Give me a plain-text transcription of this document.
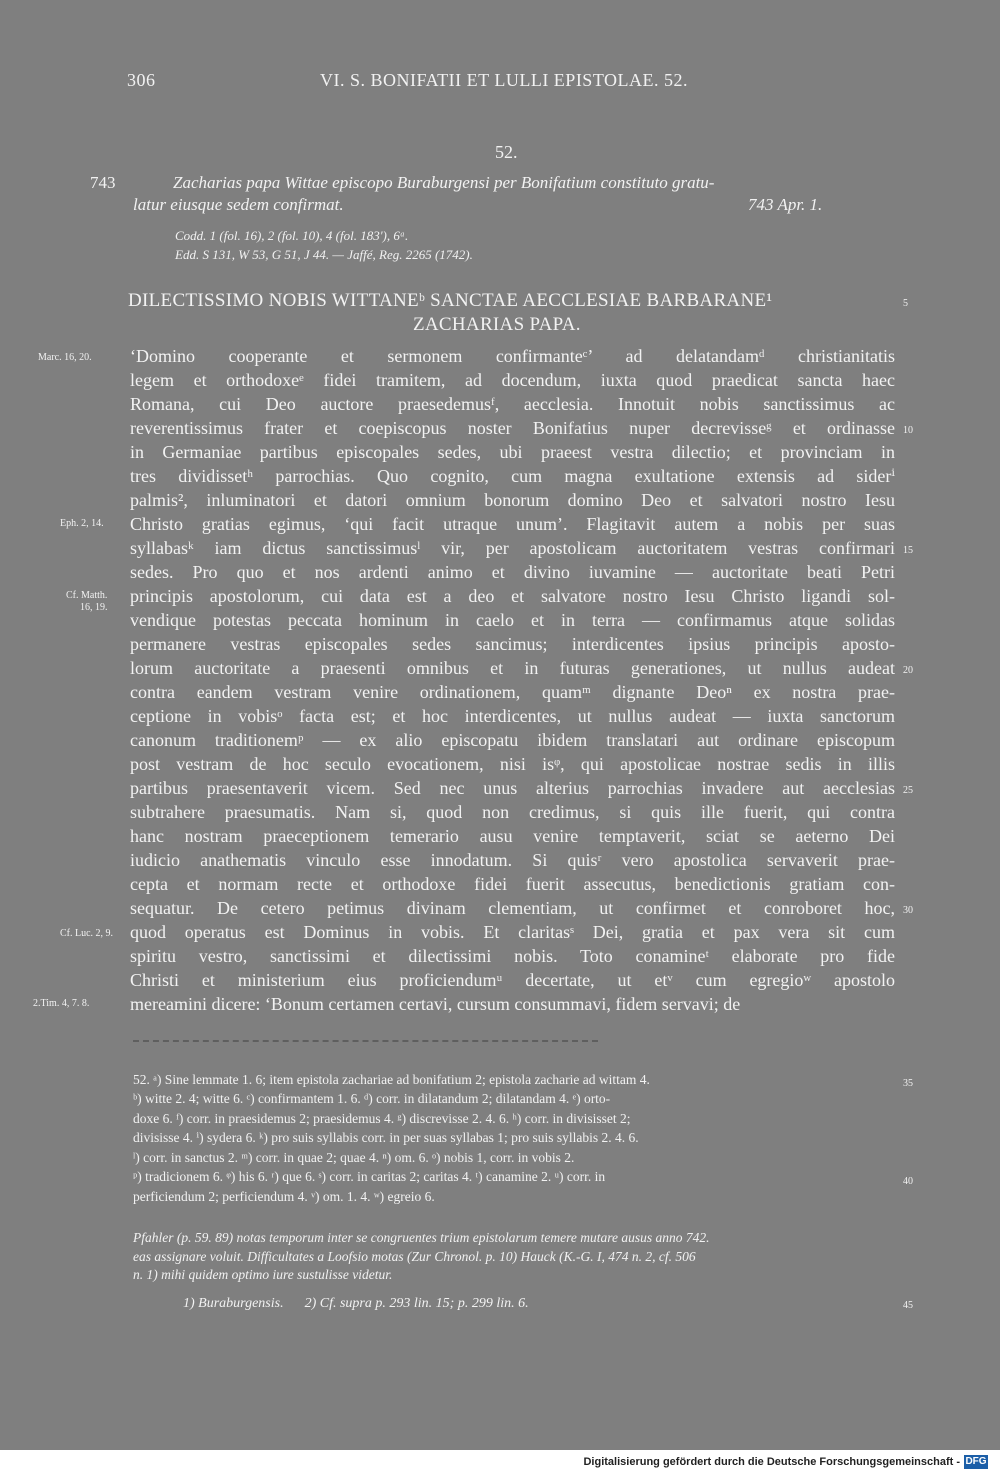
306	VI. S. BONIFATII ET LULLI EPISTOLAE. 52.
52.
743	Zacharias papa Wittae episcopo Buraburgensi per Bonifatium constituto gratu-
latur eiusque sedem confirmat.	743 Apr. 1.
Codd. 1 (fol. 16), 2 (fol. 10), 4 (fol. 183'), 6ᵃ.
Edd. S 131, W 53, G 51, J 44. — Jaffé, Reg. 2265 (1742).
DILECTISSIMO NOBIS WITTANEᵇ SANCTAE AECCLESIAE BARBARANE¹
ZACHARIAS PAPA.
‘Domino cooperante et sermonem confirmanteᶜ’ ad delatandamᵈ christianitatis
legem et orthodoxeᵉ fidei tramitem, ad docendum, iuxta quod praedicat sancta haec
Romana, cui Deo auctore praesedemusᶠ, aecclesia. Innotuit nobis sanctissimus ac
reverentissimus frater et coepiscopus noster Bonifatius nuper decrevisseᵍ et ordinasse
in Germaniae partibus episcopales sedes, ubi praeest vestra dilectio; et provinciam in
tres dividissetʰ parrochias. Quo cognito, cum magna exultatione extensis ad siderⁱ
palmis², inluminatori et datori omnium bonorum domino Deo et salvatori nostro Iesu
Christo gratias egimus, ‘qui facit utraque unum’. Flagitavit autem a nobis per suas
syllabasᵏ iam dictus sanctissimusˡ vir, per apostolicam auctoritatem vestras confirmari
sedes. Pro quo et nos ardenti animo et divino iuvamine — auctoritate beati Petri
principis apostolorum, cui data est a deo et salvatore nostro Iesu Christo ligandi sol-
vendique potestas peccata hominum in caelo et in terra — confirmamus atque solidas
permanere vestras episcopales sedes sancimus; interdicentes ipsius principis aposto-
lorum auctoritate a praesenti omnibus et in futuras generationes, ut nullus audeat
contra eandem vestram venire ordinationem, quamᵐ dignante Deoⁿ ex nostra prae-
ceptione in vobisᵒ facta est; et hoc interdicentes, ut nullus audeat — iuxta sanctorum
canonum traditionemᵖ — ex alio episcopatu ibidem translatari aut ordinare episcopum
post vestram de hoc seculo evocationem, nisi isᵠ, qui apostolicae nostrae sedis in illis
partibus praesentaverit vicem. Sed nec unus alterius parrochias invadere aut aecclesias
subtrahere praesumatis. Nam si, quod non credimus, si quis ille fuerit, qui contra
hanc nostram praeceptionem temerario ausu venire temptaverit, sciat se aeterno Dei
iudicio anathematis vinculo esse innodatum. Si quisʳ vero apostolica servaverit prae-
cepta et normam recte et orthodoxe fidei fuerit assecutus, benedictionis gratiam con-
sequatur. De cetero petimus divinam clementiam, ut confirmet et conroboret hoc,
quod operatus est Dominus in vobis. Et claritasˢ Dei, gratia et pax vera sit cum
spiritu vestro, sanctissimi et dilectissimi nobis. Toto conamineᵗ elaborate pro fide
Christi et ministerium eius proficiendumᵘ decertate, ut etᵛ cum egregioʷ apostolo
mereamini dicere: ‘Bonum certamen certavi, cursum consummavi, fidem servavi; de
5
10
15
20
25
30
35
40
45
Marc. 16, 20.
Eph. 2, 14.
Cf. Matth.
16, 19.
Cf. Luc. 2, 9.
2.Tim. 4, 7. 8.
52. ᵃ) Sine lemmate 1. 6; item epistola zachariae ad bonifatium 2; epistola zacharie ad wittam 4.
ᵇ) witte 2. 4; witte 6. ᶜ) confirmantem 1. 6. ᵈ) corr. in dilatandum 2; dilatandam 4. ᵉ) orto-
doxe 6. ᶠ) corr. in praesidemus 2; praesidemus 4. ᵍ) discrevisse 2. 4. 6. ʰ) corr. in divisisset 2;
divisisse 4. ⁱ) sydera 6. ᵏ) pro suis syllabis corr. in per suas syllabas 1; pro suis syllabis 2. 4. 6.
ˡ) corr. in sanctus 2. ᵐ) corr. in quae 2; quae 4. ⁿ) om. 6. ᵒ) nobis 1, corr. in vobis 2.
ᵖ) tradicionem 6. ᵠ) his 6. ʳ) que 6. ˢ) corr. in caritas 2; caritas 4. ᵗ) canamine 2. ᵘ) corr. in
perficiendum 2; perficiendum 4. ᵛ) om. 1. 4. ʷ) egreio 6.
Pfahler (p. 59. 89) notas temporum inter se congruentes trium epistolarum temere mutare ausus anno 742.
eas assignare voluit. Difficultates a Loofsio motas (Zur Chronol. p. 10) Hauck (K.-G. I, 474 n. 2, cf. 506
n. 1) mihi quidem optimo iure sustulisse videtur.
1) Buraburgensis.      2) Cf. supra p. 293 lin. 15; p. 299 lin. 6.
Digitalisierung gefördert durch die Deutsche Forschungsgemeinschaft - DFG
